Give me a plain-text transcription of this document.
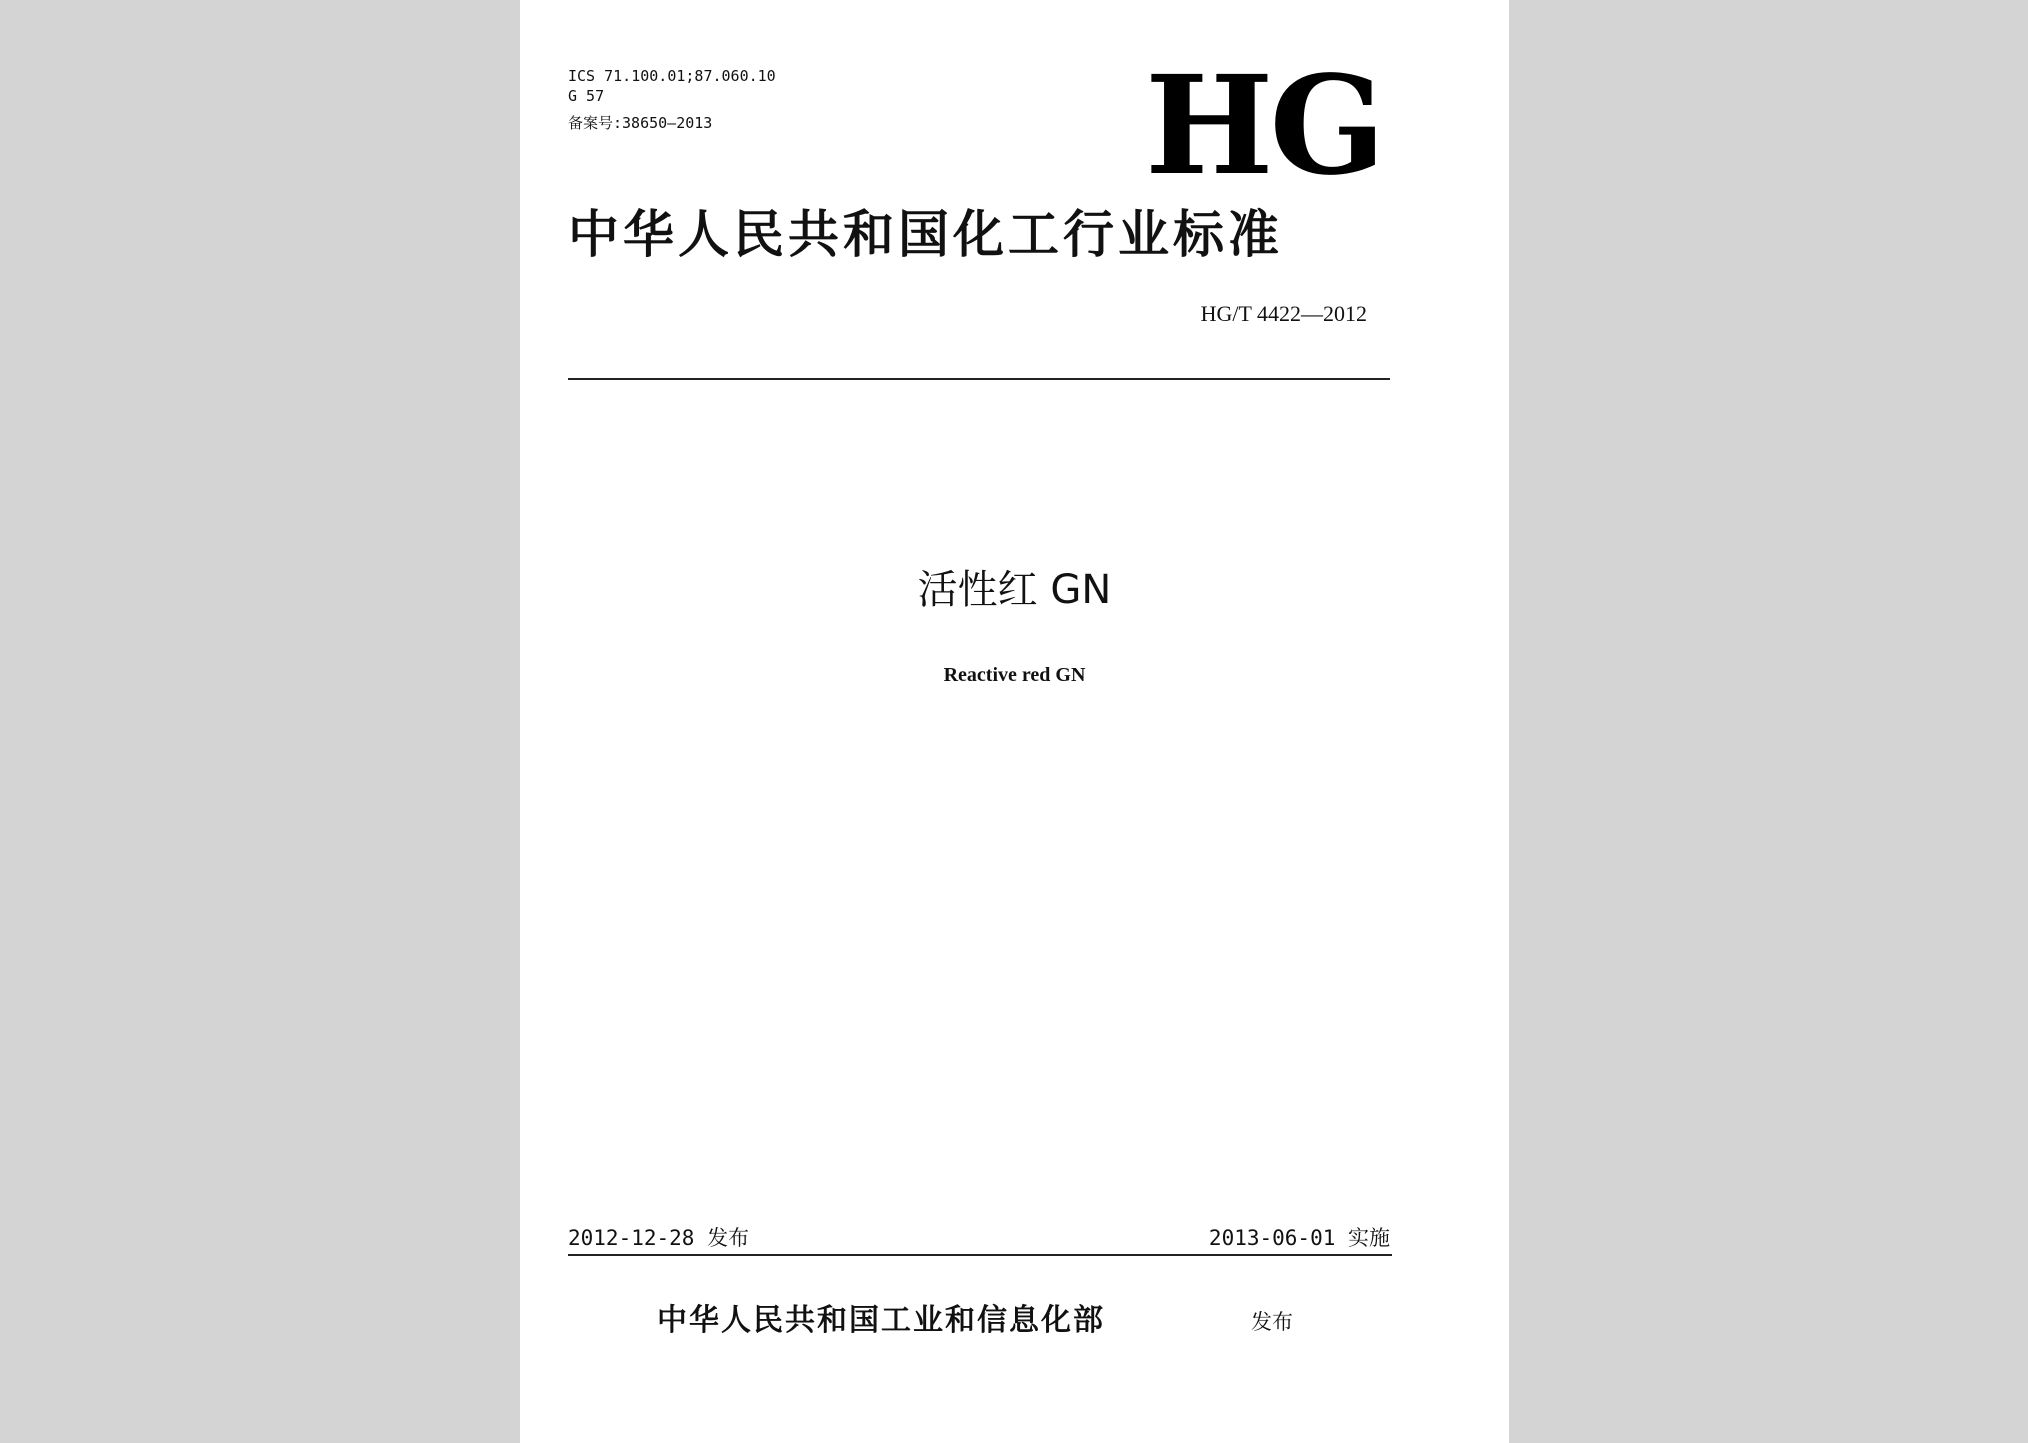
ICS 71.100.01;87.060.10
G 57
备案号:38650—2013	HG
中华人民共和国化工行业标准
HG/T 4422—2012
活性红 GN
Reactive red GN
2012-12-28 发布	2013-06-01 实施
中华人民共和国工业和信息化部	发布
